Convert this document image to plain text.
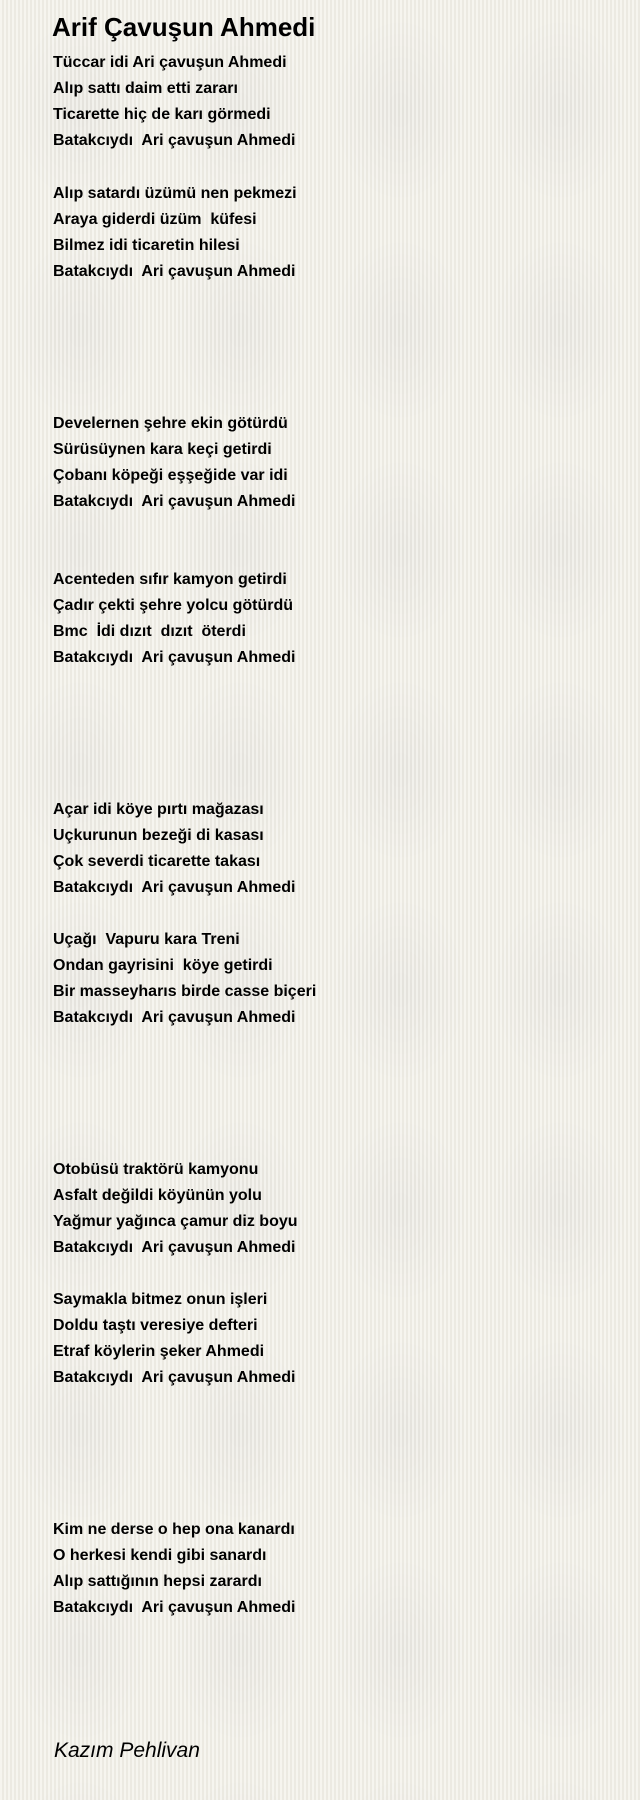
Arif Çavuşun Ahmedi
Tüccar idi Ari çavuşun Ahmedi
Alıp sattı daim etti zararı
Ticarette hiç de karı görmedi
Batakcıydı  Ari çavuşun Ahmedi
Alıp satardı üzümü nen pekmezi
Araya giderdi üzüm  küfesi
Bilmez idi ticaretin hilesi
Batakcıydı  Ari çavuşun Ahmedi
Develernen şehre ekin götürdü
Sürüsüynen kara keçi getirdi
Çobanı köpeği eşşeğide var idi
Batakcıydı  Ari çavuşun Ahmedi
Acenteden sıfır kamyon getirdi
Çadır çekti şehre yolcu götürdü
Bmc  İdi dızıt  dızıt  öterdi
Batakcıydı  Ari çavuşun Ahmedi
Açar idi köye pırtı mağazası
Uçkurunun bezeği di kasası
Çok severdi ticarette takası
Batakcıydı  Ari çavuşun Ahmedi
Uçağı  Vapuru kara Treni
Ondan gayrisini  köye getirdi
Bir masseyharıs birde casse biçeri
Batakcıydı  Ari çavuşun Ahmedi
Otobüsü traktörü kamyonu
Asfalt değildi köyünün yolu
Yağmur yağınca çamur diz boyu
Batakcıydı  Ari çavuşun Ahmedi
Saymakla bitmez onun işleri
Doldu taştı veresiye defteri
Etraf köylerin şeker Ahmedi
Batakcıydı  Ari çavuşun Ahmedi
Kim ne derse o hep ona kanardı
O herkesi kendi gibi sanardı
Alıp sattığının hepsi zarardı
Batakcıydı  Ari çavuşun Ahmedi

Kazım Pehlivan
